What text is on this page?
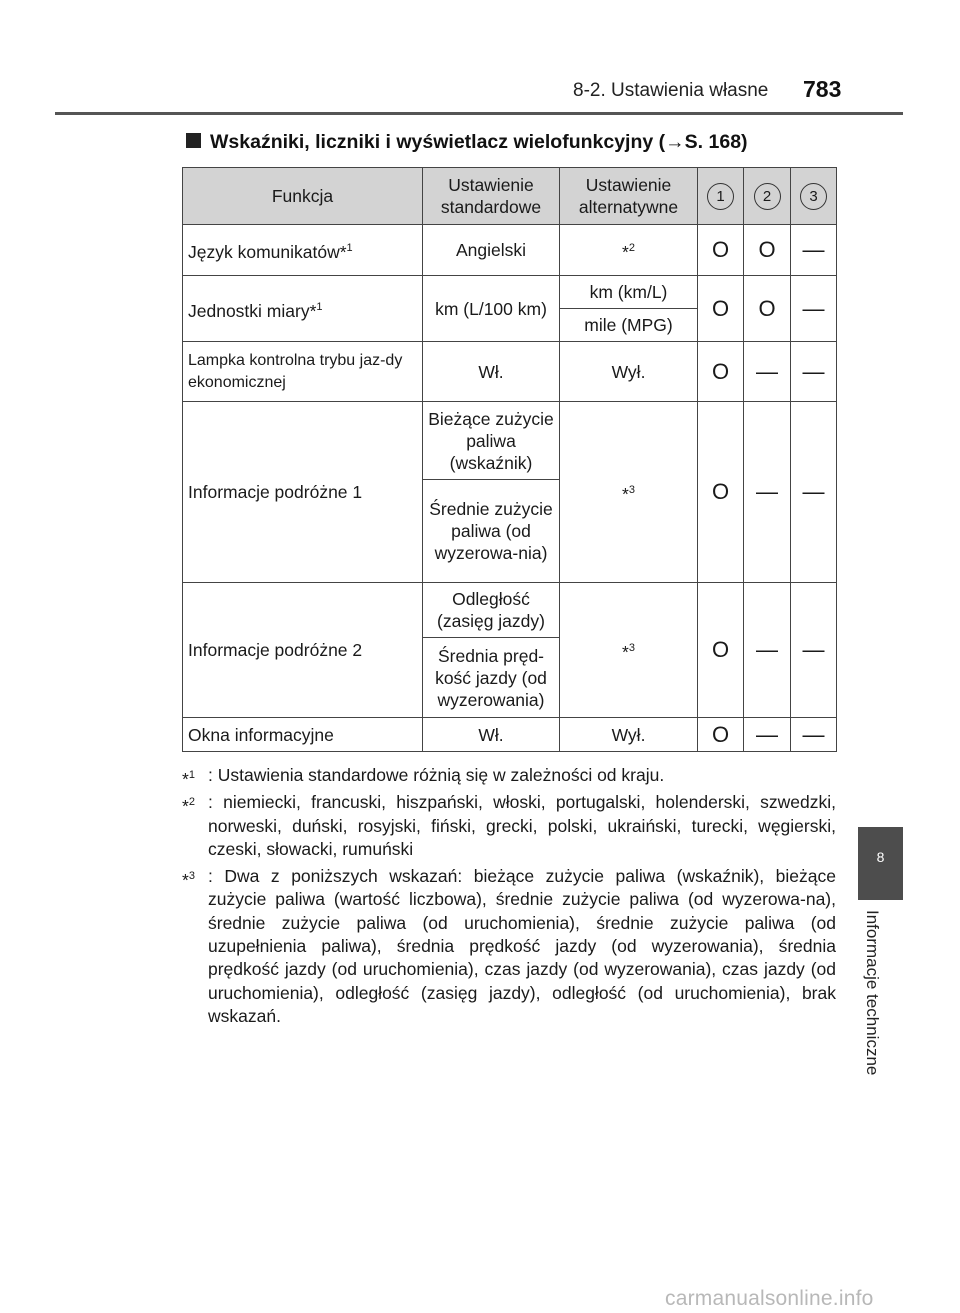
8-2. Ustawienia własne 783
Wskaźniki, liczniki i wyświetlacz wielofunkcyjny (→S. 168)
Funkcja	Ustawienie standardowe	Ustawienie alternatywne	1	2	3
Język komunikatów*$^1$	Angielski	*$^2$	O	O	—
Jednostki miary*$^1$	km (L/100 km)	km (km/L)	O	O	—
		mile (MPG)			
Lampka kontrolna trybu jaz-dy ekonomicznej	Wł.	Wył.	O	—	—
Informacje podróżne 1	Bieżące zużycie paliwa (wskaźnik)	*$^3$	O	—	—
	Średnie zużycie paliwa (od wyzerowa-nia)				
Informacje podróżne 2	Odległość (zasięg jazdy)	*$^3$	O	—	—
	Średnia pręd-kość jazdy (od wyzerowania)				
Okna informacyjne	Wł.	Wył.	O	—	—
*$^1$ : Ustawienia standardowe różnią się w zależności od kraju.
*$^2$ : niemiecki, francuski, hiszpański, włoski, portugalski, holenderski, szwedzki, norweski, duński, rosyjski, fiński, grecki, polski, ukraiński, turecki, węgierski, czeski, słowacki, rumuński
*$^3$ : Dwa z poniższych wskazań: bieżące zużycie paliwa (wskaźnik), bieżące zużycie paliwa (wartość liczbowa), średnie zużycie paliwa (od wyzerowa-na), średnie zużycie paliwa (od uruchomienia), średnie zużycie paliwa (od uzupełnienia paliwa), średnia prędkość jazdy (od wyzerowania), średnia prędkość jazdy (od uruchomienia), czas jazdy (od wyzerowania), czas jazdy (od uruchomienia), odległość (zasięg jazdy), odległość (od uruchomienia), brak wskazań.
8
Informacje techniczne
carmanualsonline.info
